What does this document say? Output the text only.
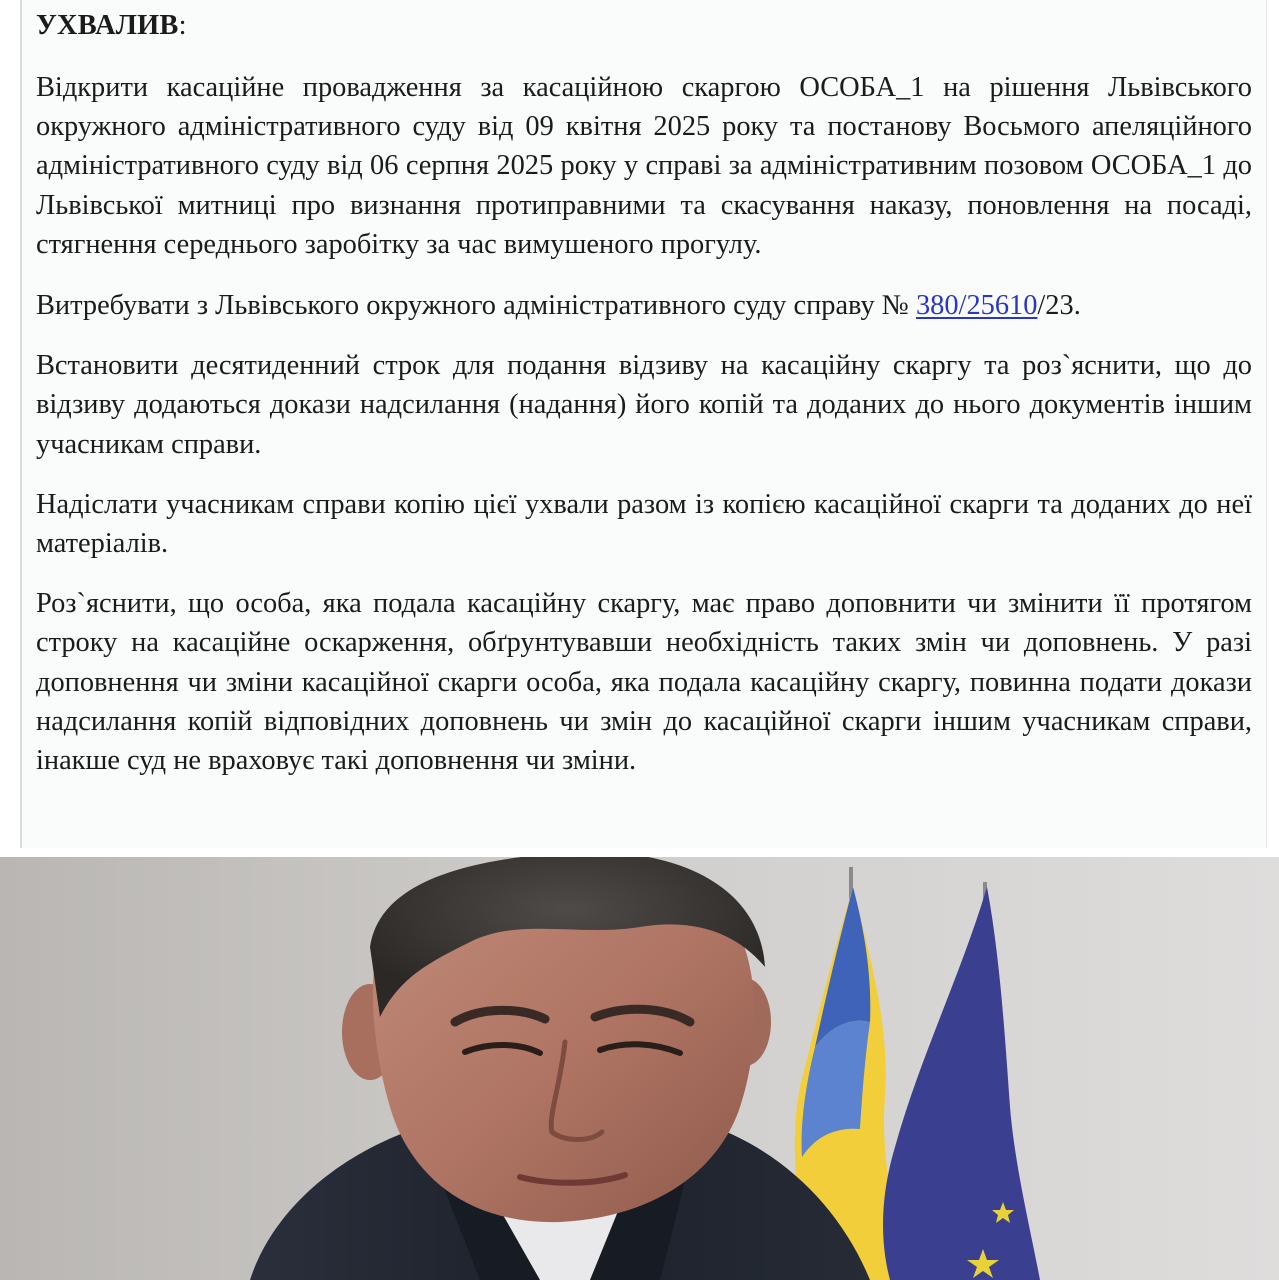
УХВАЛИВ:

Відкрити касаційне провадження за касаційною скаргою ОСОБА_1 на рішення Львівського окружного адміністративного суду від 09 квітня 2025 року та постанову Восьмого апеляційного адміністративного суду від 06 серпня 2025 року у справі за адміністративним позовом ОСОБА_1 до Львівської митниці про визнання протиправними та скасування наказу, поновлення на посаді, стягнення середнього заробітку за час вимушеного прогулу.

Витребувати з Львівського окружного адміністративного суду справу № 380/25610/23.

Встановити десятиденний строк для подання відзиву на касаційну скаргу та роз`яснити, що до відзиву додаються докази надсилання (надання) його копій та доданих до нього документів іншим учасникам справи.

Надіслати учасникам справи копію цієї ухвали разом із копією касаційної скарги та доданих до неї матеріалів.

Роз`яснити, що особа, яка подала касаційну скаргу, має право доповнити чи змінити її протягом строку на касаційне оскарження, обґрунтувавши необхідність таких змін чи доповнень. У разі доповнення чи зміни касаційної скарги особа, яка подала касаційну скаргу, повинна подати докази надсилання копій відповідних доповнень чи змін до касаційної скарги іншим учасникам справи, інакше суд не враховує такі доповнення чи зміни.
